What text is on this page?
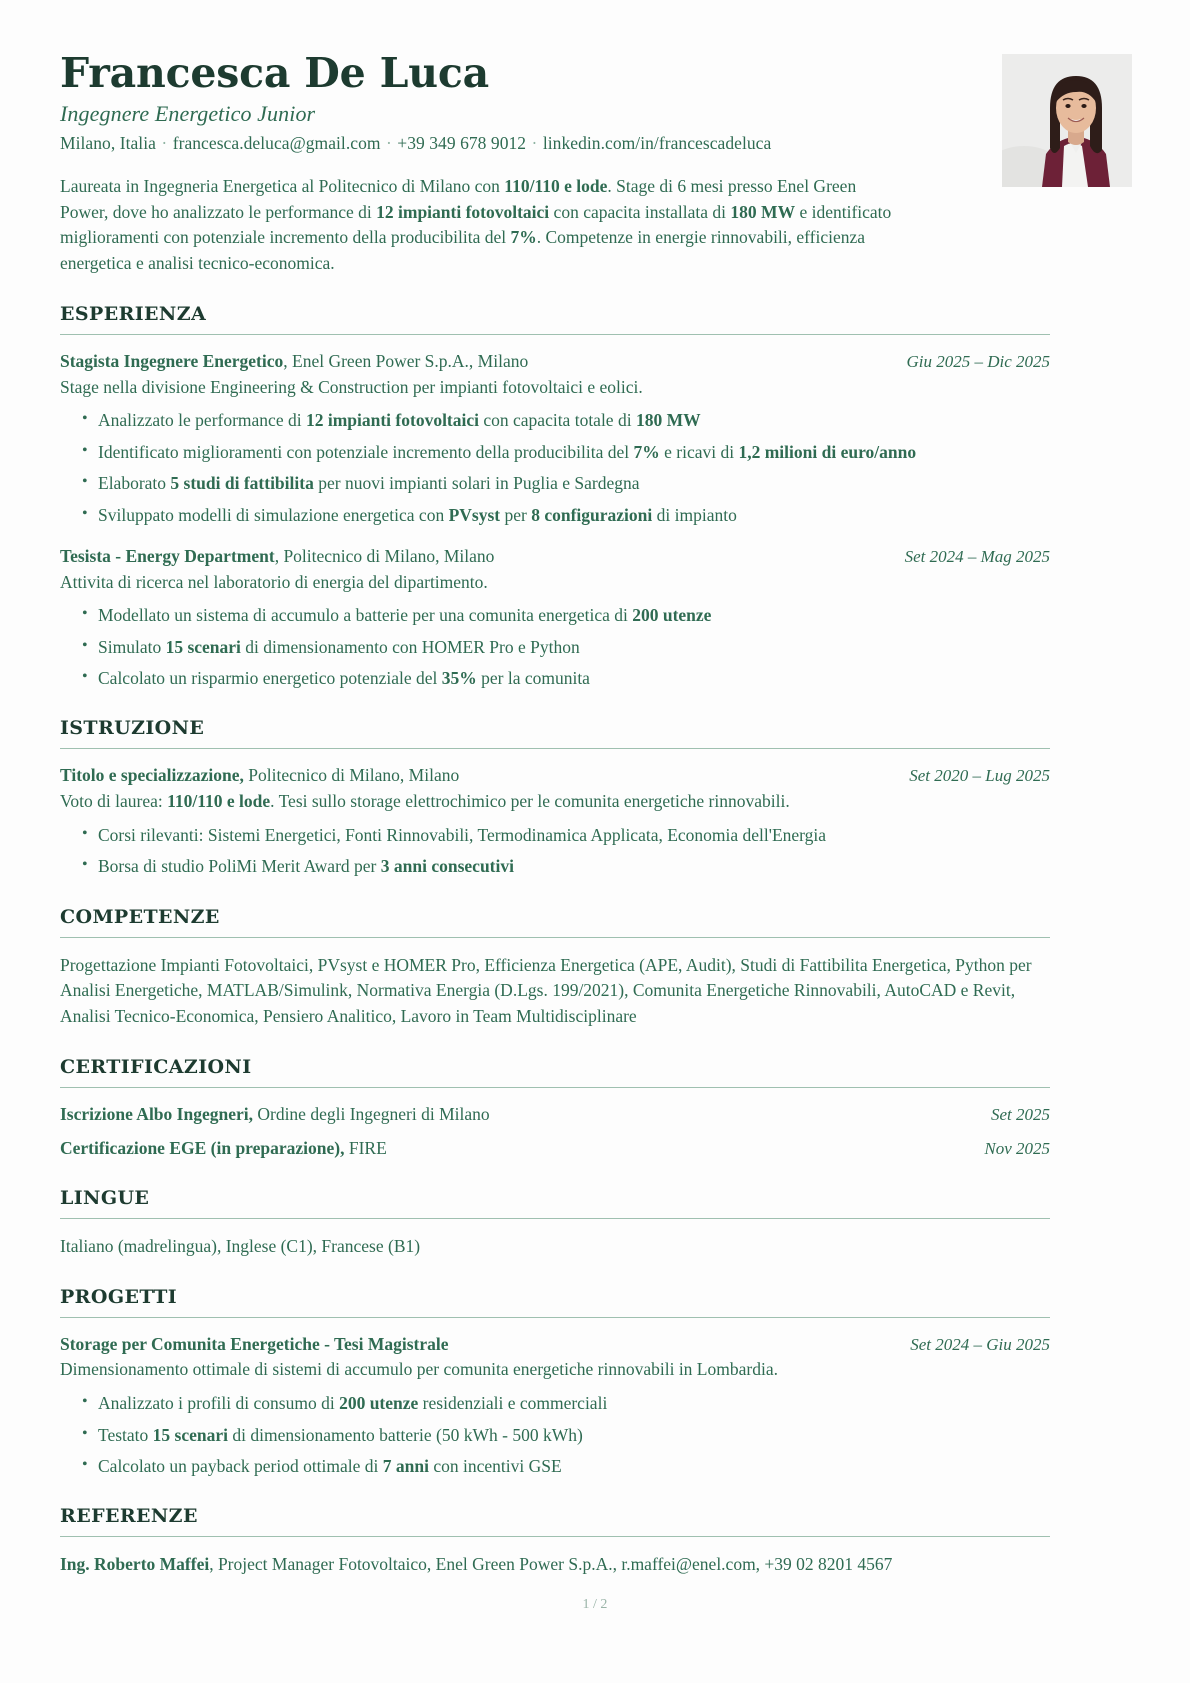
Francesca De Luca
Ingegnere Energetico Junior
Milano, Italia · francesca.deluca@gmail.com · +39 349 678 9012 · linkedin.com/in/francescadeluca

Laureata in Ingegneria Energetica al Politecnico di Milano con 110/110 e lode. Stage di 6 mesi presso Enel Green Power, dove ho analizzato le performance di 12 impianti fotovoltaici con capacita installata di 180 MW e identificato miglioramenti con potenziale incremento della producibilita del 7%. Competenze in energie rinnovabili, efficienza energetica e analisi tecnico-economica.

ESPERIENZA
Stagista Ingegnere Energetico, Enel Green Power S.p.A., Milano	Giu 2025 – Dic 2025
Stage nella divisione Engineering & Construction per impianti fotovoltaici e eolici.
• Analizzato le performance di 12 impianti fotovoltaici con capacita totale di 180 MW
• Identificato miglioramenti con potenziale incremento della producibilita del 7% e ricavi di 1,2 milioni di euro/anno
• Elaborato 5 studi di fattibilita per nuovi impianti solari in Puglia e Sardegna
• Sviluppato modelli di simulazione energetica con PVsyst per 8 configurazioni di impianto
Tesista - Energy Department, Politecnico di Milano, Milano	Set 2024 – Mag 2025
Attivita di ricerca nel laboratorio di energia del dipartimento.
• Modellato un sistema di accumulo a batterie per una comunita energetica di 200 utenze
• Simulato 15 scenari di dimensionamento con HOMER Pro e Python
• Calcolato un risparmio energetico potenziale del 35% per la comunita
ISTRUZIONE
Titolo e specializzazione, Politecnico di Milano, Milano	Set 2020 – Lug 2025
Voto di laurea: 110/110 e lode. Tesi sullo storage elettrochimico per le comunita energetiche rinnovabili.
• Corsi rilevanti: Sistemi Energetici, Fonti Rinnovabili, Termodinamica Applicata, Economia dell'Energia
• Borsa di studio PoliMi Merit Award per 3 anni consecutivi
COMPETENZE
Progettazione Impianti Fotovoltaici, PVsyst e HOMER Pro, Efficienza Energetica (APE, Audit), Studi di Fattibilita Energetica, Python per Analisi Energetiche, MATLAB/Simulink, Normativa Energia (D.Lgs. 199/2021), Comunita Energetiche Rinnovabili, AutoCAD e Revit, Analisi Tecnico-Economica, Pensiero Analitico, Lavoro in Team Multidisciplinare
CERTIFICAZIONI
Iscrizione Albo Ingegneri, Ordine degli Ingegneri di Milano	Set 2025
Certificazione EGE (in preparazione), FIRE	Nov 2025
LINGUE
Italiano (madrelingua), Inglese (C1), Francese (B1)
PROGETTI
Storage per Comunita Energetiche - Tesi Magistrale	Set 2024 – Giu 2025
Dimensionamento ottimale di sistemi di accumulo per comunita energetiche rinnovabili in Lombardia.
• Analizzato i profili di consumo di 200 utenze residenziali e commerciali
• Testato 15 scenari di dimensionamento batterie (50 kWh - 500 kWh)
• Calcolato un payback period ottimale di 7 anni con incentivi GSE
REFERENZE
Ing. Roberto Maffei, Project Manager Fotovoltaico, Enel Green Power S.p.A., r.maffei@enel.com, +39 02 8201 4567
1 / 2
